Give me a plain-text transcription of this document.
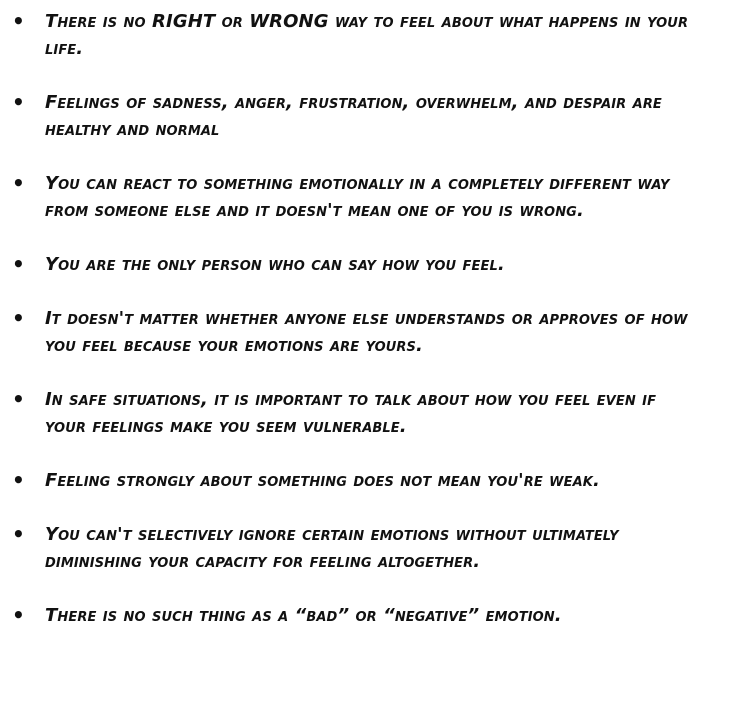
• There is no RIGHT or WRONG way to feel about what happens in your life.
• Feelings of sadness, anger, frustration, overwhelm, and despair are healthy and normal
• You can react to something emotionally in a completely different way from someone else and it doesn't mean one of you is wrong.
• You are the only person who can say how you feel.
• It doesn't matter whether anyone else understands or approves of how you feel because your emotions are yours.
• In safe situations, it is important to talk about how you feel even if your feelings make you seem vulnerable.
• Feeling strongly about something does not mean you're weak.
• You can't selectively ignore certain emotions without ultimately diminishing your capacity for feeling altogether.
• There is no such thing as a “bad” or “negative” emotion.
